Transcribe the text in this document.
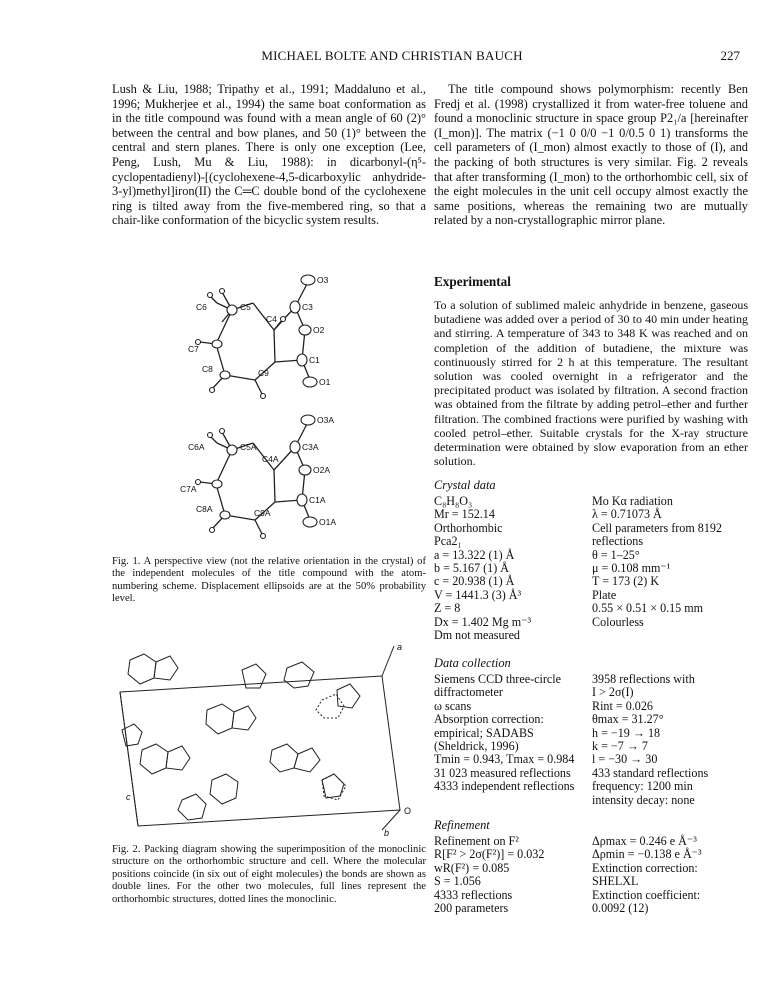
MICHAEL BOLTE AND CHRISTIAN BAUCH	227

Lush & Liu, 1988; Tripathy et al., 1991; Maddaluno et al., 1996; Mukherjee et al., 1994) the same boat conformation as in the title compound was found with a mean angle of 60 (2)° between the central and bow planes, and 50 (1)° between the central and stern planes. There is only one exception (Lee, Peng, Lush, Mu & Liu, 1988): in dicarbonyl-(η⁵-cyclopentadienyl)-[(cyclohexene-4,5-dicarboxylic anhydride-3-yl)methyl]iron(II) the C═C double bond of the cyclohexene ring is tilted away from the five-membered ring, so that a chair-like conformation of the bicyclic system results.

O3
C6	C5	C3
C4
O2
C7
C1
C8	C9
O1
O3A
C6A	C5A	C3A
C4A
O2A
C7A
C1A
C8A	C9A
O1A
Fig. 1. A perspective view (not the relative orientation in the crystal) of the independent molecules of the title compound with the atom-numbering scheme. Displacement ellipsoids are at the 50% probability level.
a
b
c
O
Fig. 2. Packing diagram showing the superimposition of the monoclinic structure on the orthorhombic structure and cell. Where the molecular positions coincide (in six out of eight molecules) the bonds are shown as double lines. For the other two molecules, full lines represent the orthorhombic structures, dotted lines the monoclinic.

The title compound shows polymorphism: recently Ben Fredj et al. (1998) crystallized it from water-free toluene and found a monoclinic structure in space group P2₁/a [hereinafter (I_mon)]. The matrix (−1 0 0/0 −1 0/0.5 0 1) transforms the cell parameters of (I_mon) almost exactly to those of (I), and the packing of both structures is very similar. Fig. 2 reveals that after transforming (I_mon) to the orthorhombic cell, six of the eight molecules in the unit cell occupy almost exactly the same positions, whereas the remaining two are mutually related by a non-crystallographic mirror plane.

Experimental

To a solution of sublimed maleic anhydride in benzene, gaseous butadiene was added over a period of 30 to 40 min under heating and stirring. A temperature of 343 to 348 K was reached and on completion of the addition of butadiene, the mixture was continuously stirred for 2 h at this temperature. The resultant solution was cooled overnight in a refrigerator and the precipitated product was isolated by filtration. A second fraction was obtained from the filtrate by adding petrol–ether and further filtration. The combined fractions were purified by washing with cooled petrol–ether. Suitable crystals for the X-ray structure determination were obtained by slow evaporation from an ether solution.

Crystal data

C₈H₈O₃	Mo Kα radiation
Mr = 152.14	λ = 0.71073 Å
Orthorhombic	Cell parameters from 8192
Pca2₁	reflections
a = 13.322 (1) Å	θ = 1–25°
b = 5.167 (1) Å	μ = 0.108 mm⁻¹
c = 20.938 (1) Å	T = 173 (2) K
V = 1441.3 (3) Å³	Plate
Z = 8	0.55 × 0.51 × 0.15 mm
Dx = 1.402 Mg m⁻³	Colourless
Dm not measured	

Data collection

Siemens CCD three-circle	3958 reflections with
diffractometer	I > 2σ(I)
ω scans	Rint = 0.026
Absorption correction:	θmax = 31.27°
empirical; SADABS	h = −19 → 18
(Sheldrick, 1996)	k = −7 → 7
Tmin = 0.943, Tmax = 0.984	l = −30 → 30
31 023 measured reflections	433 standard reflections
4333 independent reflections	frequency: 1200 min
	intensity decay: none

Refinement

Refinement on F²	Δρmax = 0.246 e Å⁻³
R[F² > 2σ(F²)] = 0.032	Δρmin = −0.138 e Å⁻³
wR(F²) = 0.085	Extinction correction:
S = 1.056	SHELXL
4333 reflections	Extinction coefficient:
200 parameters	0.0092 (12)
